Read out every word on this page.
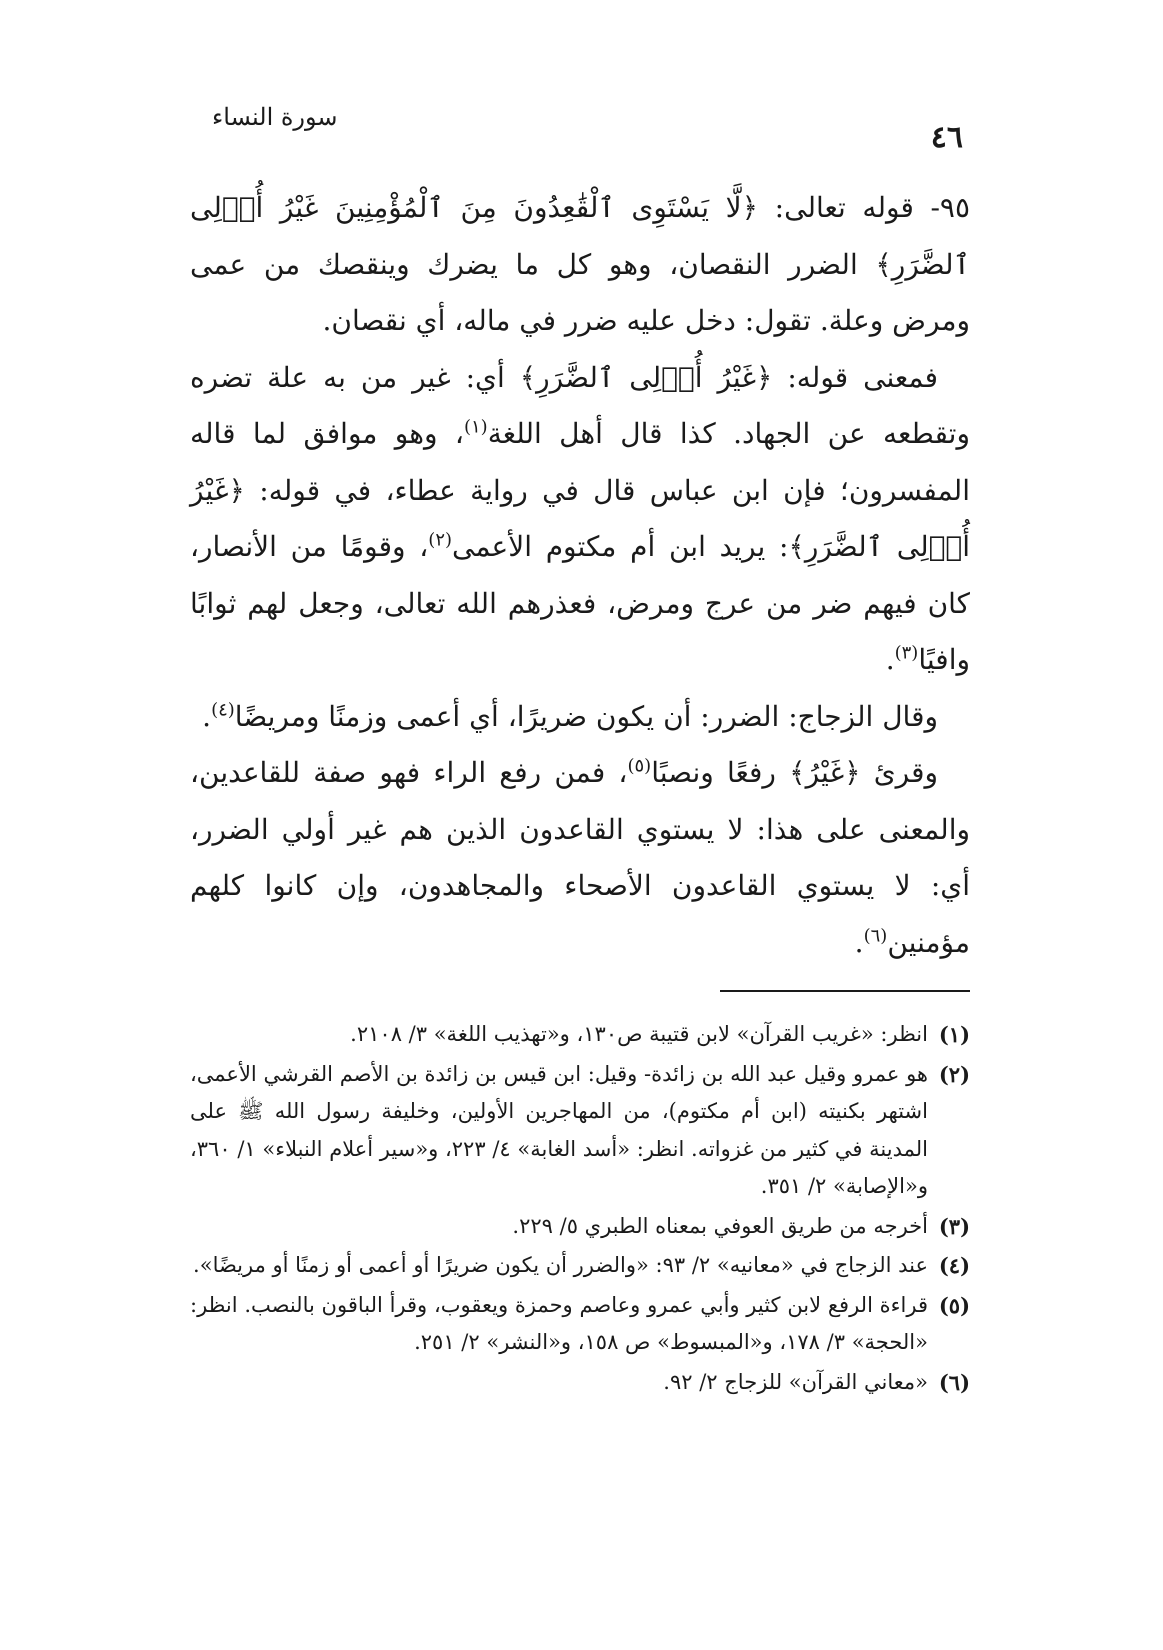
سورة النساء
٤٦

٩٥- قوله تعالى: ﴿لَّا يَسْتَوِى ٱلْقَٰعِدُونَ مِنَ ٱلْمُؤْمِنِينَ غَيْرُ أُو۟لِى ٱلضَّرَرِ﴾ الضرر النقصان، وهو كل ما يضرك وينقصك من عمى ومرض وعلة. تقول: دخل عليه ضرر في ماله، أي نقصان.

فمعنى قوله: ﴿غَيْرُ أُو۟لِى ٱلضَّرَرِ﴾ أي: غير من به علة تضره وتقطعه عن الجهاد. كذا قال أهل اللغة$^{(١)}$، وهو موافق لما قاله المفسرون؛ فإن ابن عباس قال في رواية عطاء، في قوله: ﴿غَيْرُ أُو۟لِى ٱلضَّرَرِ﴾: يريد ابن أم مكتوم الأعمى$^{(٢)}$، وقومًا من الأنصار، كان فيهم ضر من عرج ومرض، فعذرهم الله تعالى، وجعل لهم ثوابًا وافيًا$^{(٣)}$.

وقال الزجاج: الضرر: أن يكون ضريرًا، أي أعمى وزمنًا ومريضًا$^{(٤)}$.

وقرئ ﴿غَيْرُ﴾ رفعًا ونصبًا$^{(٥)}$، فمن رفع الراء فهو صفة للقاعدين، والمعنى على هذا: لا يستوي القاعدون الذين هم غير أولي الضرر، أي: لا يستوي القاعدون الأصحاء والمجاهدون، وإن كانوا كلهم مؤمنين$^{(٦)}$.

(١)
انظر: «غريب القرآن» لابن قتيبة ص١٣٠، و«تهذيب اللغة» ٣/ ٢١٠٨.
(٢)
هو عمرو وقيل عبد الله بن زائدة- وقيل: ابن قيس بن زائدة بن الأصم القرشي الأعمى، اشتهر بكنيته (ابن أم مكتوم)، من المهاجرين الأولين، وخليفة رسول الله ﷺ على المدينة في كثير من غزواته. انظر: «أسد الغابة» ٤/ ٢٢٣، و«سير أعلام النبلاء» ١/ ٣٦٠، و«الإصابة» ٢/ ٣٥١.
(٣)
أخرجه من طريق العوفي بمعناه الطبري ٥/ ٢٢٩.
(٤)
عند الزجاج في «معانيه» ٢/ ٩٣: «والضرر أن يكون ضريرًا أو أعمى أو زمنًا أو مريضًا».
(٥)
قراءة الرفع لابن كثير وأبي عمرو وعاصم وحمزة ويعقوب، وقرأ الباقون بالنصب. انظر: «الحجة» ٣/ ١٧٨، و«المبسوط» ص ١٥٨، و«النشر» ٢/ ٢٥١.
(٦)
«معاني القرآن» للزجاج ٢/ ٩٢.
